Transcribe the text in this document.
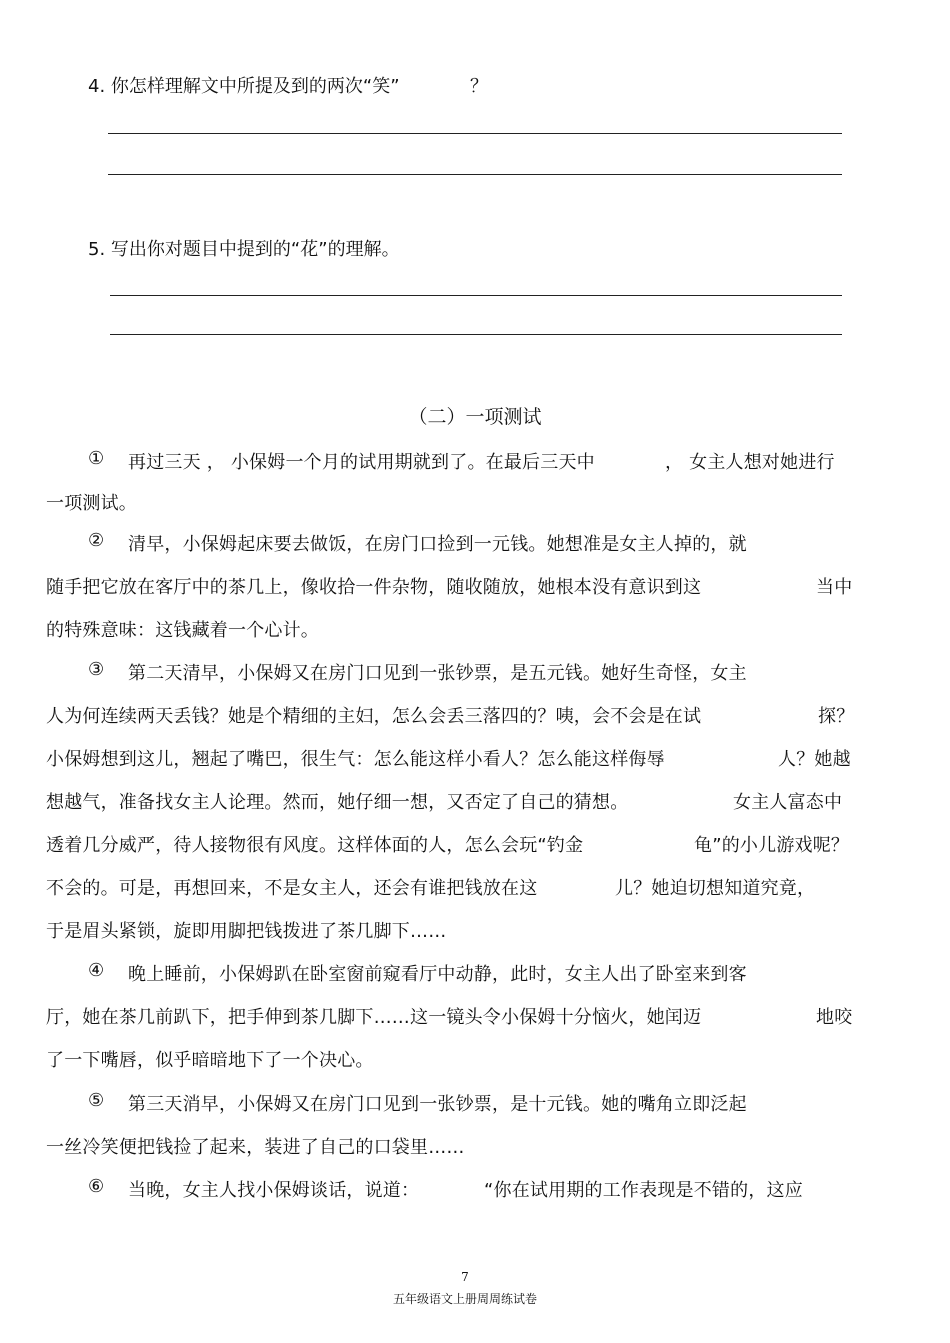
4. 你怎样理解文中所提及到的两次“笑”	？
5. 写出你对题目中提到的“花”的理解。
（二）一项测试
① 再过三天 ， 小保姆一个月的试用期就到了。在最后三天中	， 女主人想对她进行
一项测试。
② 清早，小保姆起床要去做饭，在房门口捡到一元钱。她想准是女主人掉的，就
随手把它放在客厅中的茶几上，像收拾一件杂物，随收随放，她根本没有意识到这	当中
的特殊意味：这钱藏着一个心计。
③ 第二天清早，小保姆又在房门口见到一张钞票，是五元钱。她好生奇怪，女主
人为何连续两天丢钱？她是个精细的主妇，怎么会丢三落四的？咦，会不会是在试	探？
小保姆想到这儿，翘起了嘴巴，很生气：怎么能这样小看人？怎么能这样侮辱	人？她越
想越气，准备找女主人论理。然而，她仔细一想，又否定了自己的猜想。	女主人富态中
透着几分威严，待人接物很有风度。这样体面的人，怎么会玩“钓金	龟”的小儿游戏呢？
不会的。可是，再想回来，不是女主人，还会有谁把钱放在这	儿？她迫切想知道究竟，
于是眉头紧锁，旋即用脚把钱拨进了茶几脚下……
④ 晚上睡前，小保姆趴在卧室窗前窥看厅中动静，此时，女主人出了卧室来到客
厅，她在茶几前趴下，把手伸到茶几脚下……这一镜头令小保姆十分恼火，她闰迈	地咬
了一下嘴唇，似乎暗暗地下了一个决心。
⑤ 第三天消早，小保姆又在房门口见到一张钞票，是十元钱。她的嘴角立即泛起
一丝冷笑便把钱捡了起来，装进了自己的口袋里……
⑥ 当晚，女主人找小保姆谈话，说道：	“你在试用期的工作表现是不错的，这应
7
五年级语文上册周周练试卷
